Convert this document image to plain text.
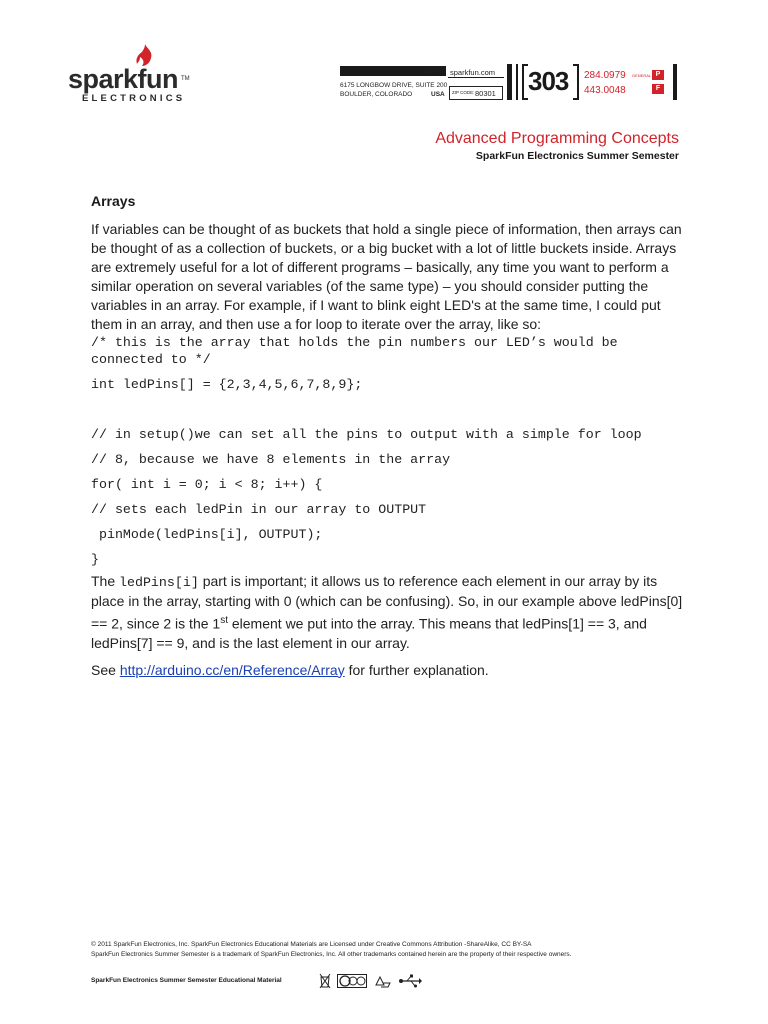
sparkfun TM
ELECTRONICS
WEBSITE: sparkfun.com
6175 LONGBOW DRIVE, SUITE 200
BOULDER, COLORADO	USA ZIP CODE: 80301 303 284.0979 GENERAL
443.0048
P
F
Advanced Programming Concepts
SparkFun Electronics Summer Semester
Arrays

If variables can be thought of as buckets that hold a single piece of information, then arrays can be thought of as a collection of buckets, or a big bucket with a lot of little buckets inside. Arrays are extremely useful for a lot of different programs – basically, any time you want to perform a similar operation on several variables (of the same type) – you should consider putting the variables in an array. For example, if I want to blink eight LED's at the same time, I could put them in an array, and then use a for loop to iterate over the array, like so:

/* this is the array that holds the pin numbers our LED’s would be connected to */

int ledPins[] = {2,3,4,5,6,7,8,9};

// in setup()we can set all the pins to output with a simple for loop

// 8, because we have 8 elements in the array

for( int i = 0; i < 8; i++) {

// sets each ledPin in our array to OUTPUT

pinMode(ledPins[i], OUTPUT);

}

The ledPins[i] part is important; it allows us to reference each element in our array by its place in the array, starting with 0 (which can be confusing). So, in our example above ledPins[0] == 2, since 2 is the 1st element we put into the array. This means that ledPins[1] == 3, and ledPins[7] == 9, and is the last element in our array.

See http://arduino.cc/en/Reference/Array for further explanation.

© 2011 SparkFun Electronics, Inc. SparkFun Electronics Educational Materials are Licensed under Creative Commons Attribution -ShareAlike, CC BY-SA

SparkFun Electronics Summer Semester is a trademark of SparkFun Electronics, Inc. All other trademarks contained herein are the property of their respective owners.

SparkFun Electronics Summer Semester Educational Material
